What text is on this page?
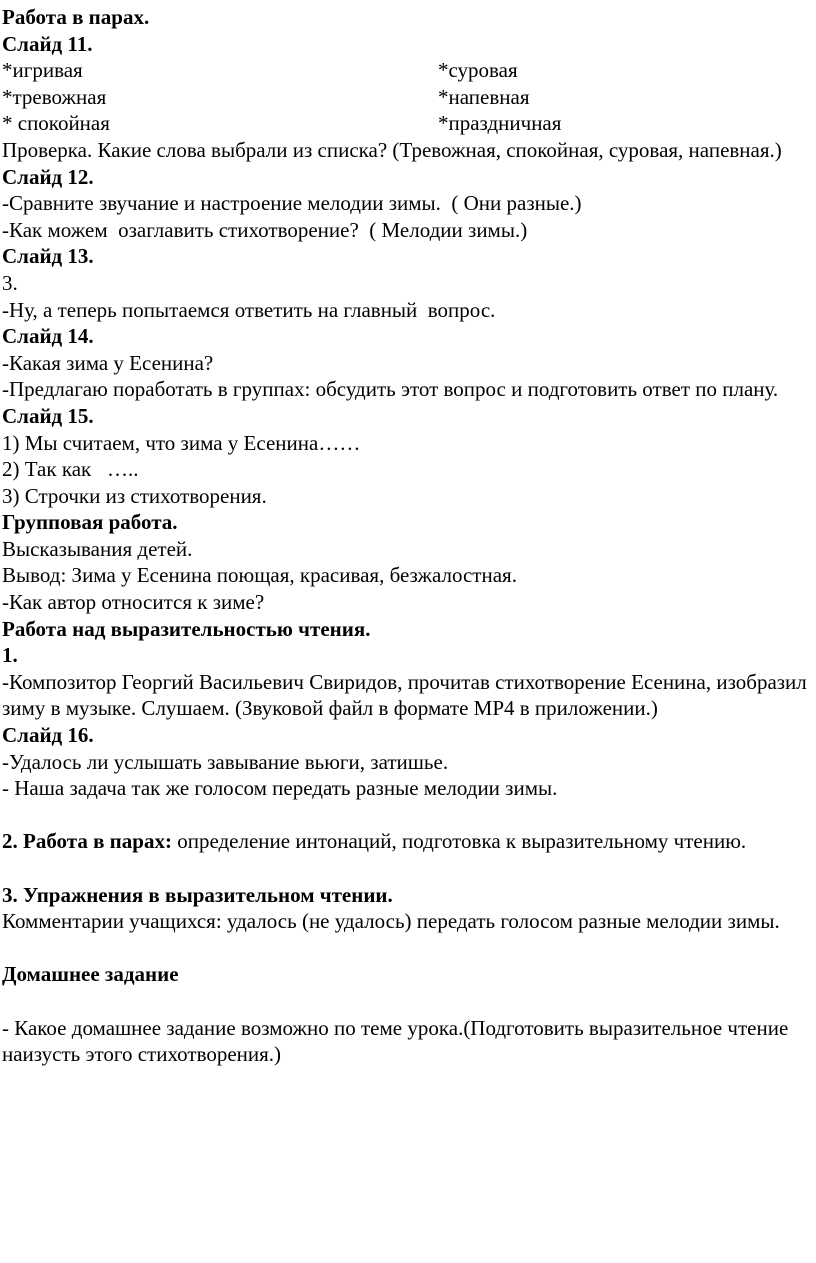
Работа в парах.

Слайд 11.

*игривая	*суровая
*тревожная	*напевная
* спокойная	*праздничная

Проверка. Какие слова выбрали из списка? (Тревожная, спокойная, суровая, напевная.)

Слайд 12.

-Сравните звучание и настроение мелодии зимы.  ( Они разные.)

-Как можем  озаглавить стихотворение?  ( Мелодии зимы.)

Слайд 13.

3.

-Ну, а теперь попытаемся ответить на главный  вопрос.

Слайд 14.

-Какая зима у Есенина?

-Предлагаю поработать в группах: обсудить этот вопрос и подготовить ответ по плану.

Слайд 15.

1) Мы считаем, что зима у Есенина……

2) Так как   …..

3) Строчки из стихотворения.

Групповая работа.

Высказывания детей.

Вывод: Зима у Есенина поющая, красивая, безжалостная.

-Как автор относится к зиме?

Работа над выразительностью чтения.

1.

-Композитор Георгий Васильевич Свиридов, прочитав стихотворение Есенина, изобразил зиму в музыке. Слушаем. (Звуковой файл в формате МР4 в приложении.)

Слайд 16.

-Удалось ли услышать завывание вьюги, затишье.

- Наша задача так же голосом передать разные мелодии зимы.

2. Работа в парах: определение интонаций, подготовка к выразительному чтению.

3. Упражнения в выразительном чтении.

Комментарии учащихся: удалось (не удалось) передать голосом разные мелодии зимы.

Домашнее задание

- Какое домашнее задание возможно по теме урока.(Подготовить выразительное чтение наизусть этого стихотворения.)
